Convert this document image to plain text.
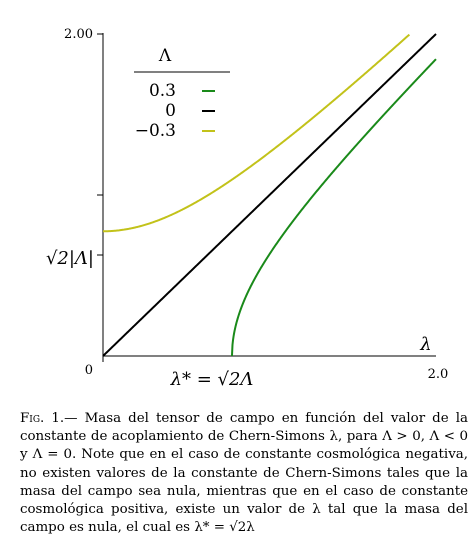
2.00
√2|Λ|
0	2.0
λ* = √2Λ
λ
Λ
0.3
0
−0.3

Fig. 1.— Masa del tensor de campo en función del valor de la constante de acoplamiento de Chern-Simons λ, para Λ > 0, Λ < 0 y Λ = 0. Note que en el caso de constante cosmológica negativa, no existen valores de la constante de Chern-Simons tales que la masa del campo sea nula, mientras que en el caso de constante cosmológica positiva, existe un valor de λ tal que la masa del campo es nula, el cual es λ* = √2λ
